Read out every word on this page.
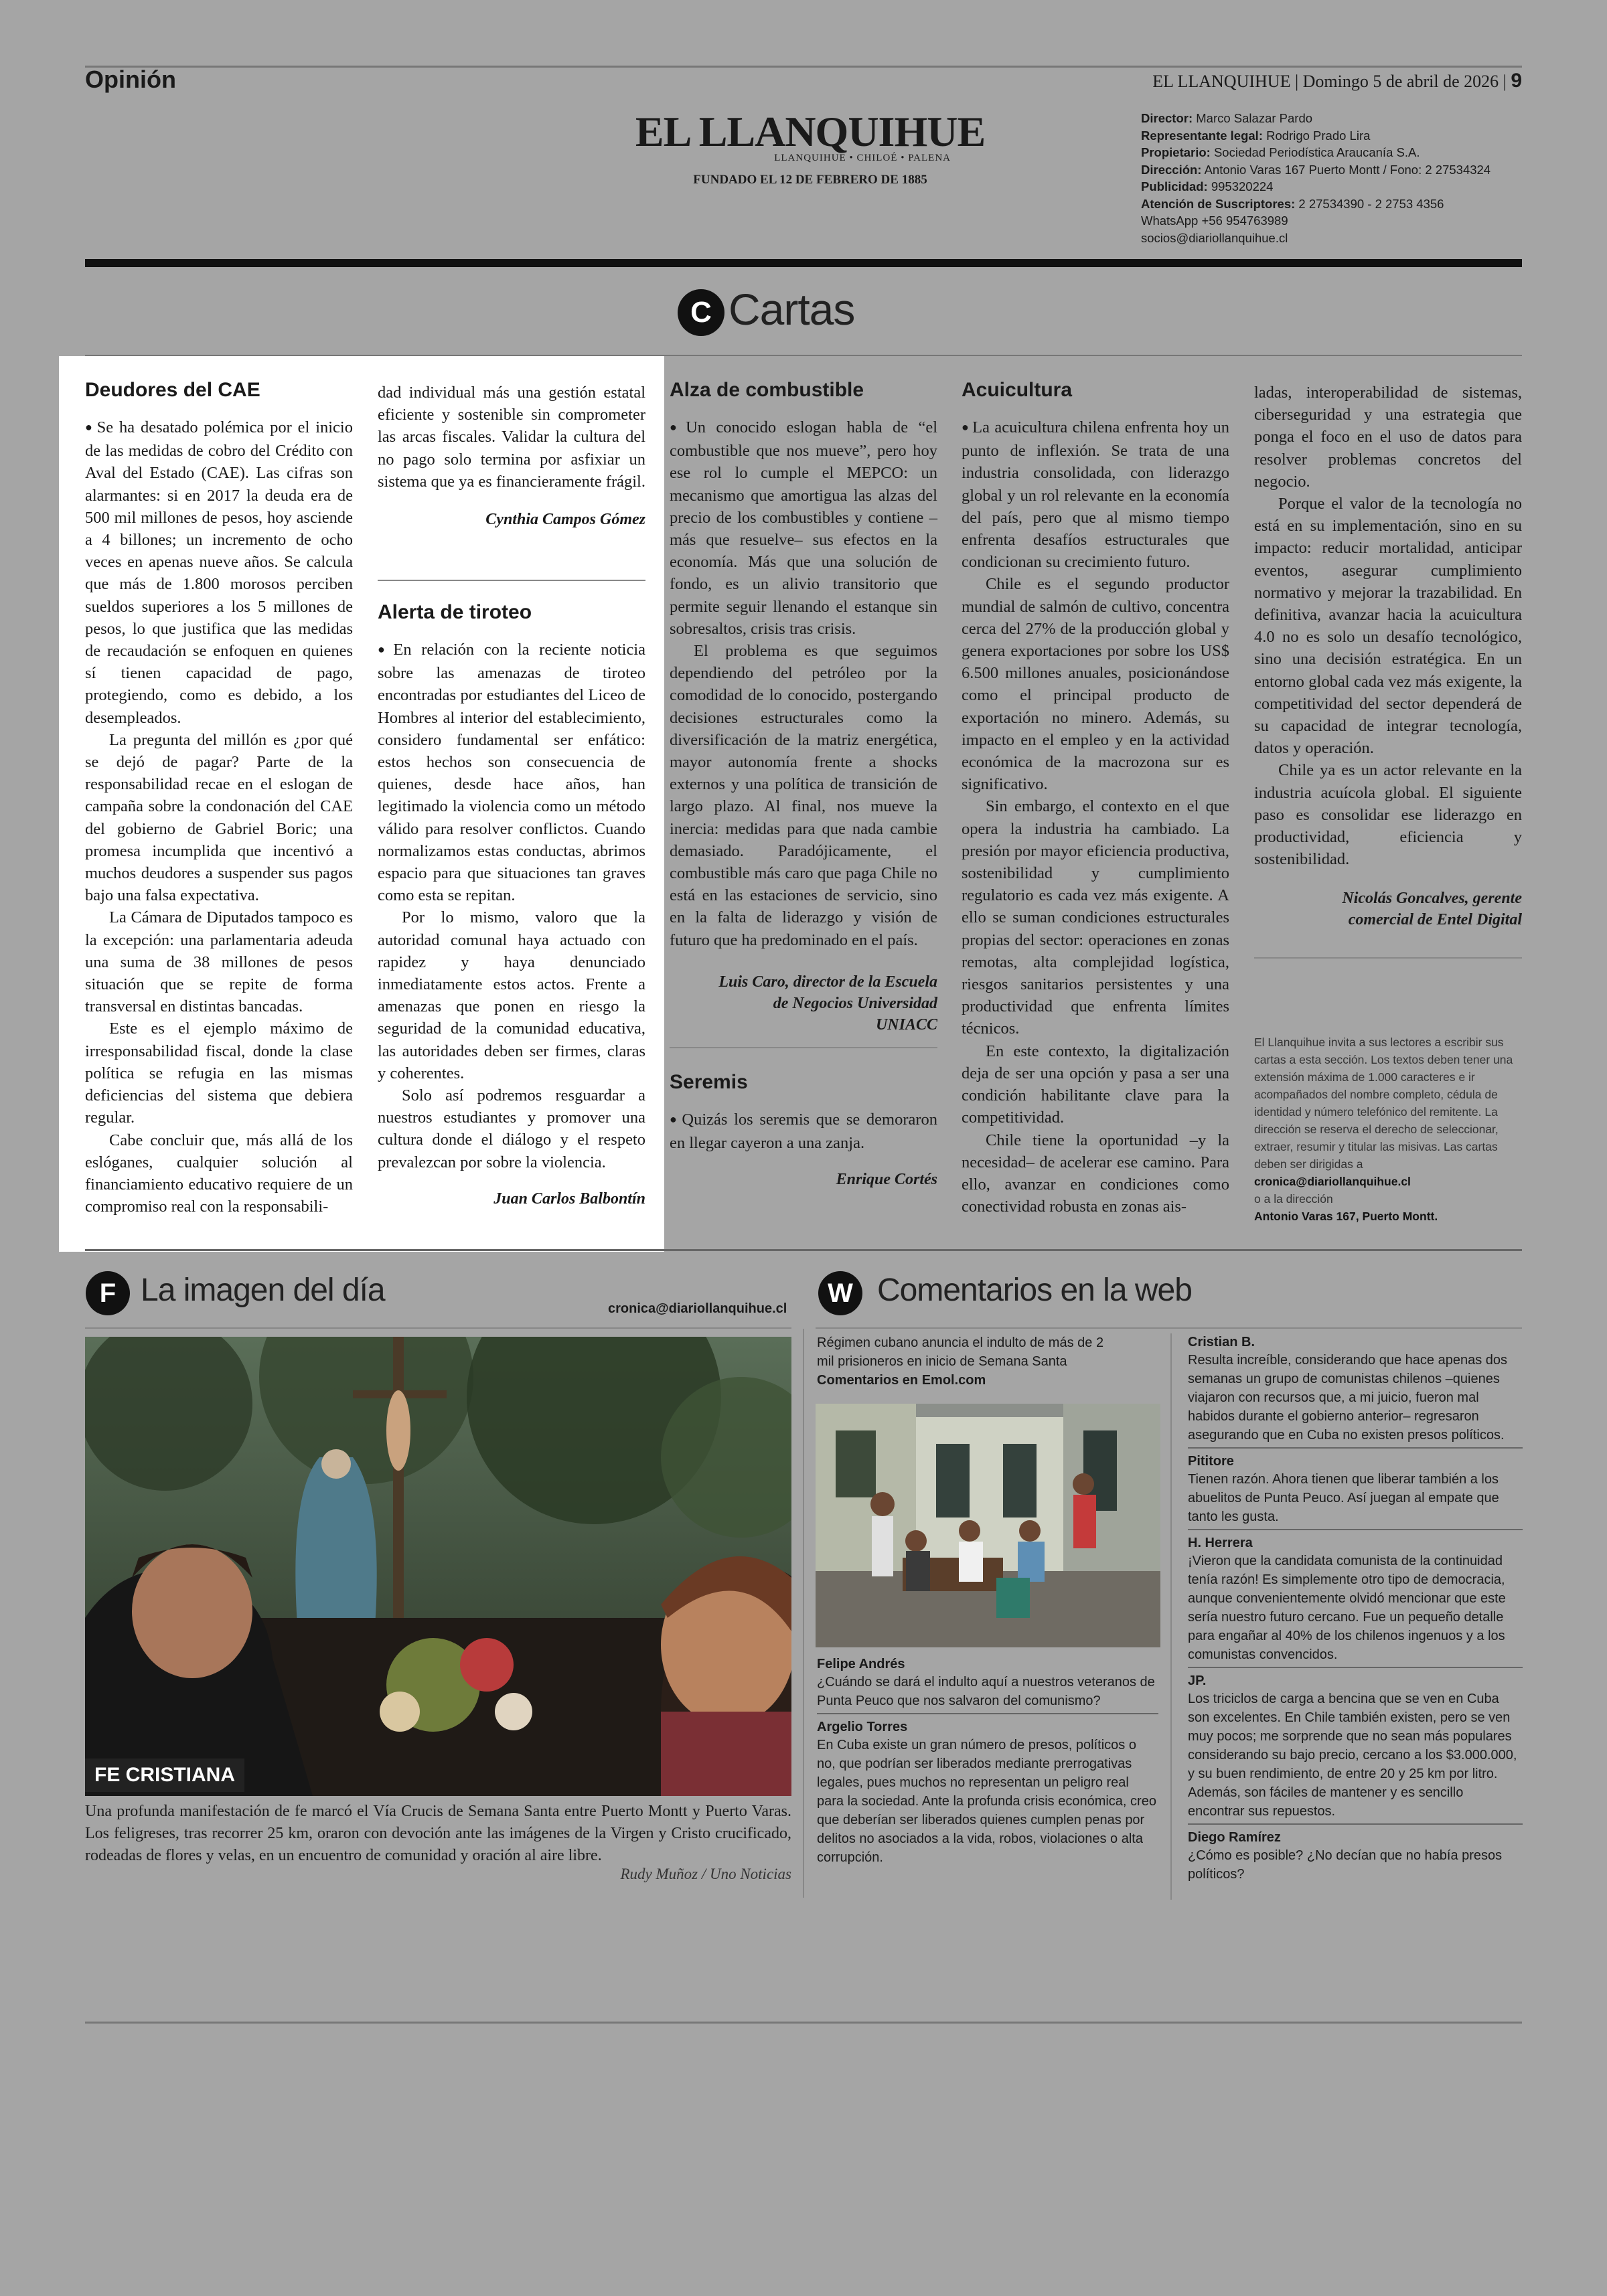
Opinión	EL LLANQUIHUE | Domingo 5 de abril de 2026 | 9
EL LLANQUIHUE
LLANQUIHUE • CHILOÉ • PALENA
FUNDADO EL 12 DE FEBRERO DE 1885
Director: Marco Salazar Pardo
Representante legal: Rodrigo Prado Lira
Propietario: Sociedad Periodística Araucanía S.A.
Dirección: Antonio Varas 167 Puerto Montt / Fono: 2 27534324
Publicidad: 995320224
Atención de Suscriptores: 2 27534390 - 2 2753 4356
WhatsApp +56 954763989
socios@diariollanquihue.cl
C Cartas
Deudores del CAE

● Se ha desatado polémica por el inicio de las medidas de cobro del Crédito con Aval del Estado (CAE). Las cifras son alarmantes: si en 2017 la deuda era de 500 mil millones de pesos, hoy asciende a 4 billones; un incremento de ocho veces en apenas nueve años. Se calcula que más de 1.800 morosos perciben sueldos superiores a los 5 millones de pesos, lo que justifica que las medidas de recaudación se enfoquen en quienes sí tienen capacidad de pago, protegiendo, como es debido, a los desempleados.

La pregunta del millón es ¿por qué se dejó de pagar? Parte de la responsabilidad recae en el eslogan de campaña sobre la condonación del CAE del gobierno de Gabriel Boric; una promesa incumplida que incentivó a muchos deudores a suspender sus pagos bajo una falsa expectativa.

La Cámara de Diputados tampoco es la excepción: una parlamentaria adeuda una suma de 38 millones de pesos situación que se repite de forma transversal en distintas bancadas.

Este es el ejemplo máximo de irresponsabilidad fiscal, donde la clase política se refugia en las mismas deficiencias del sistema que debiera regular.

Cabe concluir que, más allá de los eslóganes, cualquier solución al financiamiento educativo requiere de un compromiso real con la responsabili-

dad individual más una gestión estatal eficiente y sostenible sin comprometer las arcas fiscales. Validar la cultura del no pago solo termina por asfixiar un sistema que ya es financieramente frágil.

Cynthia Campos Gómez
Alerta de tiroteo

● En relación con la reciente noticia sobre las amenazas de tiroteo encontradas por estudiantes del Liceo de Hombres al interior del establecimiento, considero fundamental ser enfático: estos hechos son consecuencia de quienes, desde hace años, han legitimado la violencia como un método válido para resolver conflictos. Cuando normalizamos estas conductas, abrimos espacio para que situaciones tan graves como esta se repitan.

Por lo mismo, valoro que la autoridad comunal haya actuado con rapidez y haya denunciado inmediatamente estos actos. Frente a amenazas que ponen en riesgo la seguridad de la comunidad educativa, las autoridades deben ser firmes, claras y coherentes.

Solo así podremos resguardar a nuestros estudiantes y promover una cultura donde el diálogo y el respeto prevalezcan por sobre la violencia.

Juan Carlos Balbontín
Alza de combustible

● Un conocido eslogan habla de “el combustible que nos mueve”, pero hoy ese rol lo cumple el MEPCO: un mecanismo que amortigua las alzas del precio de los combustibles y contiene –más que resuelve– sus efectos en la economía. Más que una solución de fondo, es un alivio transitorio que permite seguir llenando el estanque sin sobresaltos, crisis tras crisis.

El problema es que seguimos dependiendo del petróleo por la comodidad de lo conocido, postergando decisiones estructurales como la diversificación de la matriz energética, mayor autonomía frente a shocks externos y una política de transición de largo plazo. Al final, nos mueve la inercia: medidas para que nada cambie demasiado. Paradójicamente, el combustible más caro que paga Chile no está en las estaciones de servicio, sino en la falta de liderazgo y visión de futuro que ha predominado en el país.

Luis Caro, director de la Escuela de Negocios Universidad UNIACC
Seremis

● Quizás los seremis que se demoraron en llegar cayeron a una zanja.

Enrique Cortés
Acuicultura

● La acuicultura chilena enfrenta hoy un punto de inflexión. Se trata de una industria consolidada, con liderazgo global y un rol relevante en la economía del país, pero que al mismo tiempo enfrenta desafíos estructurales que condicionan su crecimiento futuro.

Chile es el segundo productor mundial de salmón de cultivo, concentra cerca del 27% de la producción global y genera exportaciones por sobre los US$ 6.500 millones anuales, posicionándose como el principal producto de exportación no minero. Además, su impacto en el empleo y en la actividad económica de la macrozona sur es significativo.

Sin embargo, el contexto en el que opera la industria ha cambiado. La presión por mayor eficiencia productiva, sostenibilidad y cumplimiento regulatorio es cada vez más exigente. A ello se suman condiciones estructurales propias del sector: operaciones en zonas remotas, alta complejidad logística, riesgos sanitarios persistentes y una productividad que enfrenta límites técnicos.

En este contexto, la digitalización deja de ser una opción y pasa a ser una condición habilitante clave para la competitividad.

Chile tiene la oportunidad –y la necesidad– de acelerar ese camino. Para ello, avanzar en condiciones como conectividad robusta en zonas ais-

ladas, interoperabilidad de sistemas, ciberseguridad y una estrategia que ponga el foco en el uso de datos para resolver problemas concretos del negocio.

Porque el valor de la tecnología no está en su implementación, sino en su impacto: reducir mortalidad, anticipar eventos, asegurar cumplimiento normativo y mejorar la trazabilidad. En definitiva, avanzar hacia la acuicultura 4.0 no es solo un desafío tecnológico, sino una decisión estratégica. En un entorno global cada vez más exigente, la competitividad del sector dependerá de su capacidad de integrar tecnología, datos y operación.

Chile ya es un actor relevante en la industria acuícola global. El siguiente paso es consolidar ese liderazgo en productividad, eficiencia y sostenibilidad.

Nicolás Goncalves, gerente comercial de Entel Digital
El Llanquihue invita a sus lectores a escribir sus cartas a esta sección. Los textos deben tener una extensión máxima de 1.000 caracteres e ir acompañados del nombre completo, cédula de identidad y número telefónico del remitente. La dirección se reserva el derecho de seleccionar, extraer, resumir y titular las misivas. Las cartas deben ser dirigidas a
cronica@diariollanquihue.cl
o a la dirección
Antonio Varas 167, Puerto Montt.
F La imagen del día
cronica@diariollanquihue.cl
FE CRISTIANA
Una profunda manifestación de fe marcó el Vía Crucis de Semana Santa entre Puerto Montt y Puerto Varas. Los feligreses, tras recorrer 25 km, oraron con devoción ante las imágenes de la Virgen y Cristo crucificado, rodeadas de flores y velas, en un encuentro de comunidad y oración al aire libre.
Rudy Muñoz / Uno Noticias
W Comentarios en la web
Régimen cubano anuncia el indulto de más de 2 mil prisioneros en inicio de Semana Santa
Comentarios en Emol.com
Felipe Andrés
¿Cuándo se dará el indulto aquí a nuestros veteranos de Punta Peuco que nos salvaron del comunismo?
Argelio Torres
En Cuba existe un gran número de presos, políticos o no, que podrían ser liberados mediante prerrogativas legales, pues muchos no representan un peligro real para la sociedad. Ante la profunda crisis económica, creo que deberían ser liberados quienes cumplen penas por delitos no asociados a la vida, robos, violaciones o alta corrupción.
Cristian B.
Resulta increíble, considerando que hace apenas dos semanas un grupo de comunistas chilenos –quienes viajaron con recursos que, a mi juicio, fueron mal habidos durante el gobierno anterior– regresaron asegurando que en Cuba no existen presos políticos.
Pititore
Tienen razón. Ahora tienen que liberar también a los abuelitos de Punta Peuco. Así juegan al empate que tanto les gusta.
H. Herrera
¡Vieron que la candidata comunista de la continuidad tenía razón! Es simplemente otro tipo de democracia, aunque convenientemente olvidó mencionar que este sería nuestro futuro cercano. Fue un pequeño detalle para engañar al 40% de los chilenos ingenuos y a los comunistas convencidos.
JP.
Los triciclos de carga a bencina que se ven en Cuba son excelentes. En Chile también existen, pero se ven muy pocos; me sorprende que no sean más populares considerando su bajo precio, cercano a los $3.000.000, y su buen rendimiento, de entre 20 y 25 km por litro. Además, son fáciles de mantener y es sencillo encontrar sus repuestos.
Diego Ramírez
¿Cómo es posible? ¿No decían que no había presos políticos?
